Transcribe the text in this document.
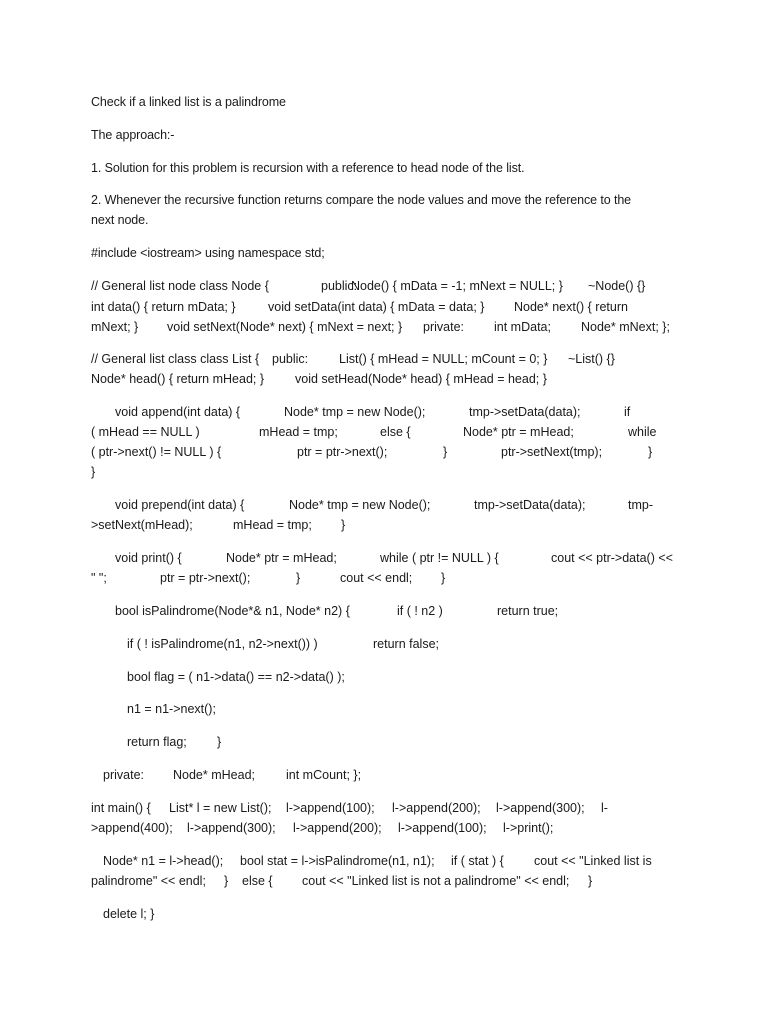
Check if a linked list is a palindrome

The approach:-

1. Solution for this problem is recursion with a reference to head node of the list.

2. Whenever the recursive function returns compare the node values and move the reference to the

next node.

#include <iostream> using namespace std;

// General list node class Node {	public:
Node() { mData = -1; mNext = NULL; } ~Node() {}
int data() { return mData; }	void setData(int data) { mData = data; } Node* next() { return
mNext; } void setNext(Node* next) { mNext = next; } private: int mData; Node* mNext; };
// General list class class List { public: List() { mHead = NULL; mCount = 0; } ~List() {}
Node* head() { return mHead; } void setHead(Node* head) { mHead = head; }
void append(int data) {	Node* tmp = new Node();	tmp->setData(data);	if
( mHead == NULL )	mHead = tmp;	else {	Node* ptr = mHead;	while
( ptr->next() != NULL ) {	ptr = ptr->next();	}	ptr->setNext(tmp);	}
}
void prepend(int data) {	Node* tmp = new Node();	tmp->setData(data);	tmp-
>setNext(mHead);	mHead = tmp; }
void print() {	Node* ptr = mHead;	while ( ptr != NULL ) {	cout << ptr->data() <<
" ";	ptr = ptr->next();	}	cout << endl; }
bool isPalindrome(Node*& n1, Node* n2) {	if ( ! n2 )	return true;
if ( ! isPalindrome(n1, n2->next()) )	return false;
bool flag = ( n1->data() == n2->data() );
n1 = n1->next();
return flag; }
private: Node* mHead; int mCount; };
int main() { List* l = new List(); l->append(100); l->append(200); l->append(300); l-
>append(400); l->append(300); l->append(200); l->append(100); l->print();
Node* n1 = l->head(); bool stat = l->isPalindrome(n1, n1); if ( stat ) { cout << "Linked list is
palindrome" << endl; } else { cout << "Linked list is not a palindrome" << endl; }
delete l; }
